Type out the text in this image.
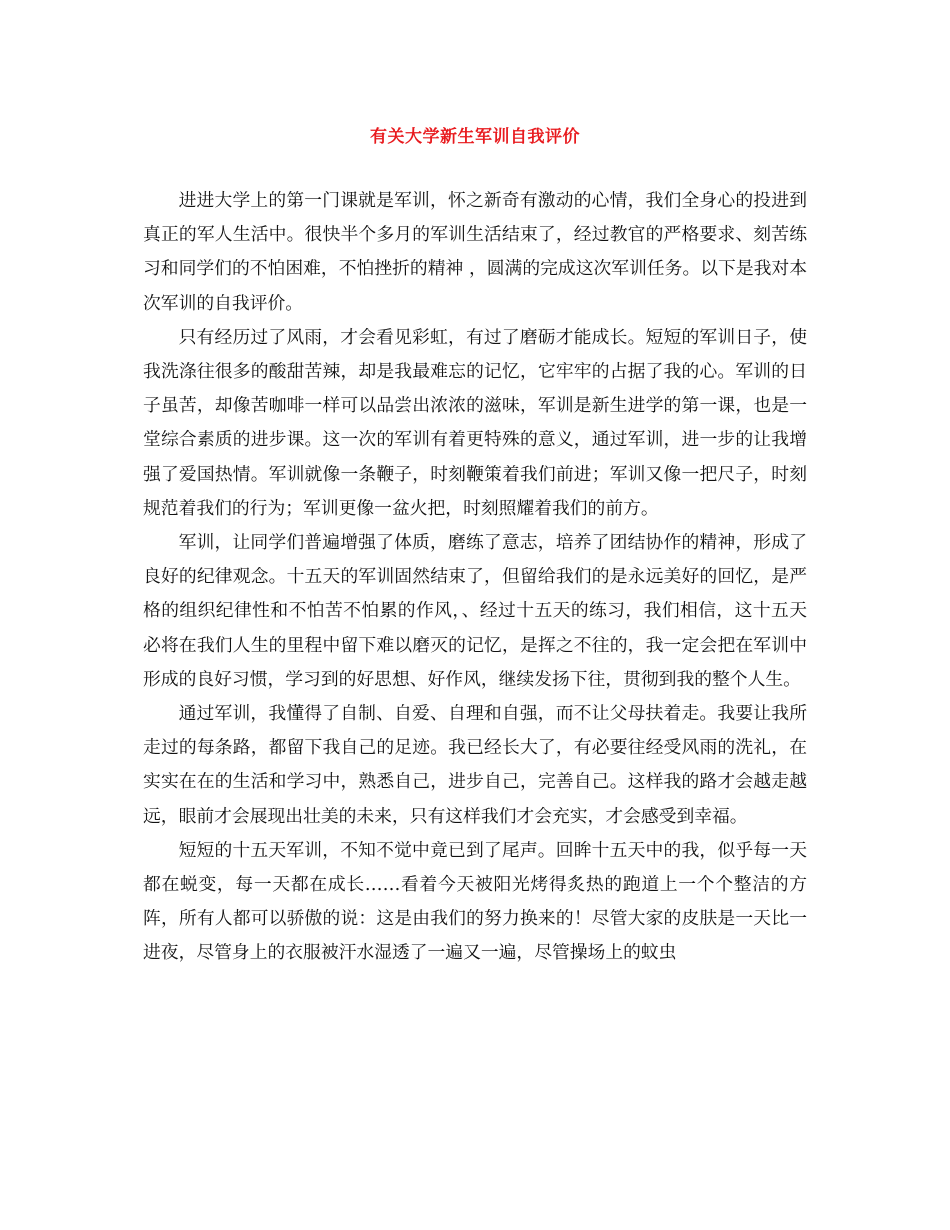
有关大学新生军训自我评价

进进大学上的第一门课就是军训，怀之新奇有激动的心情，我们全身心的投进到真正的军人生活中。很快半个多月的军训生活结束了，经过教官的严格要求、刻苦练习和同学们的不怕困难，不怕挫折的精神 ，圆满的完成这次军训任务。以下是我对本次军训的自我评价。

只有经历过了风雨，才会看见彩虹，有过了磨砺才能成长。短短的军训日子，使我洗涤往很多的酸甜苦辣，却是我最难忘的记忆，它牢牢的占据了我的心。军训的日子虽苦，却像苦咖啡一样可以品尝出浓浓的滋味，军训是新生进学的第一课，也是一堂综合素质的进步课。这一次的军训有着更特殊的意义，通过军训，进一步的让我增强了爱国热情。军训就像一条鞭子，时刻鞭策着我们前进；军训又像一把尺子，时刻规范着我们的行为；军训更像一盆火把，时刻照耀着我们的前方。

军训，让同学们普遍增强了体质，磨练了意志，培养了团结协作的精神，形成了良好的纪律观念。十五天的军训固然结束了，但留给我们的是永远美好的回忆，是严格的组织纪律性和不怕苦不怕累的作风，、经过十五天的练习，我们相信，这十五天必将在我们人生的里程中留下难以磨灭的记忆，是挥之不往的，我一定会把在军训中形成的良好习惯，学习到的好思想、好作风，继续发扬下往，贯彻到我的整个人生。

通过军训，我懂得了自制、自爱、自理和自强，而不让父母扶着走。我要让我所走过的每条路，都留下我自己的足迹。我已经长大了，有必要往经受风雨的洗礼，在实实在在的生活和学习中，熟悉自己，进步自己，完善自己。这样我的路才会越走越远，眼前才会展现出壮美的未来，只有这样我们才会充实，才会感受到幸福。

短短的十五天军训，不知不觉中竟已到了尾声。回眸十五天中的我，似乎每一天都在蜕变，每一天都在成长……看着今天被阳光烤得炙热的跑道上一个个整洁的方阵，所有人都可以骄傲的说：这是由我们的努力换来的！尽管大家的皮肤是一天比一进夜，尽管身上的衣服被汗水湿透了一遍又一遍，尽管操场上的蚊虫
